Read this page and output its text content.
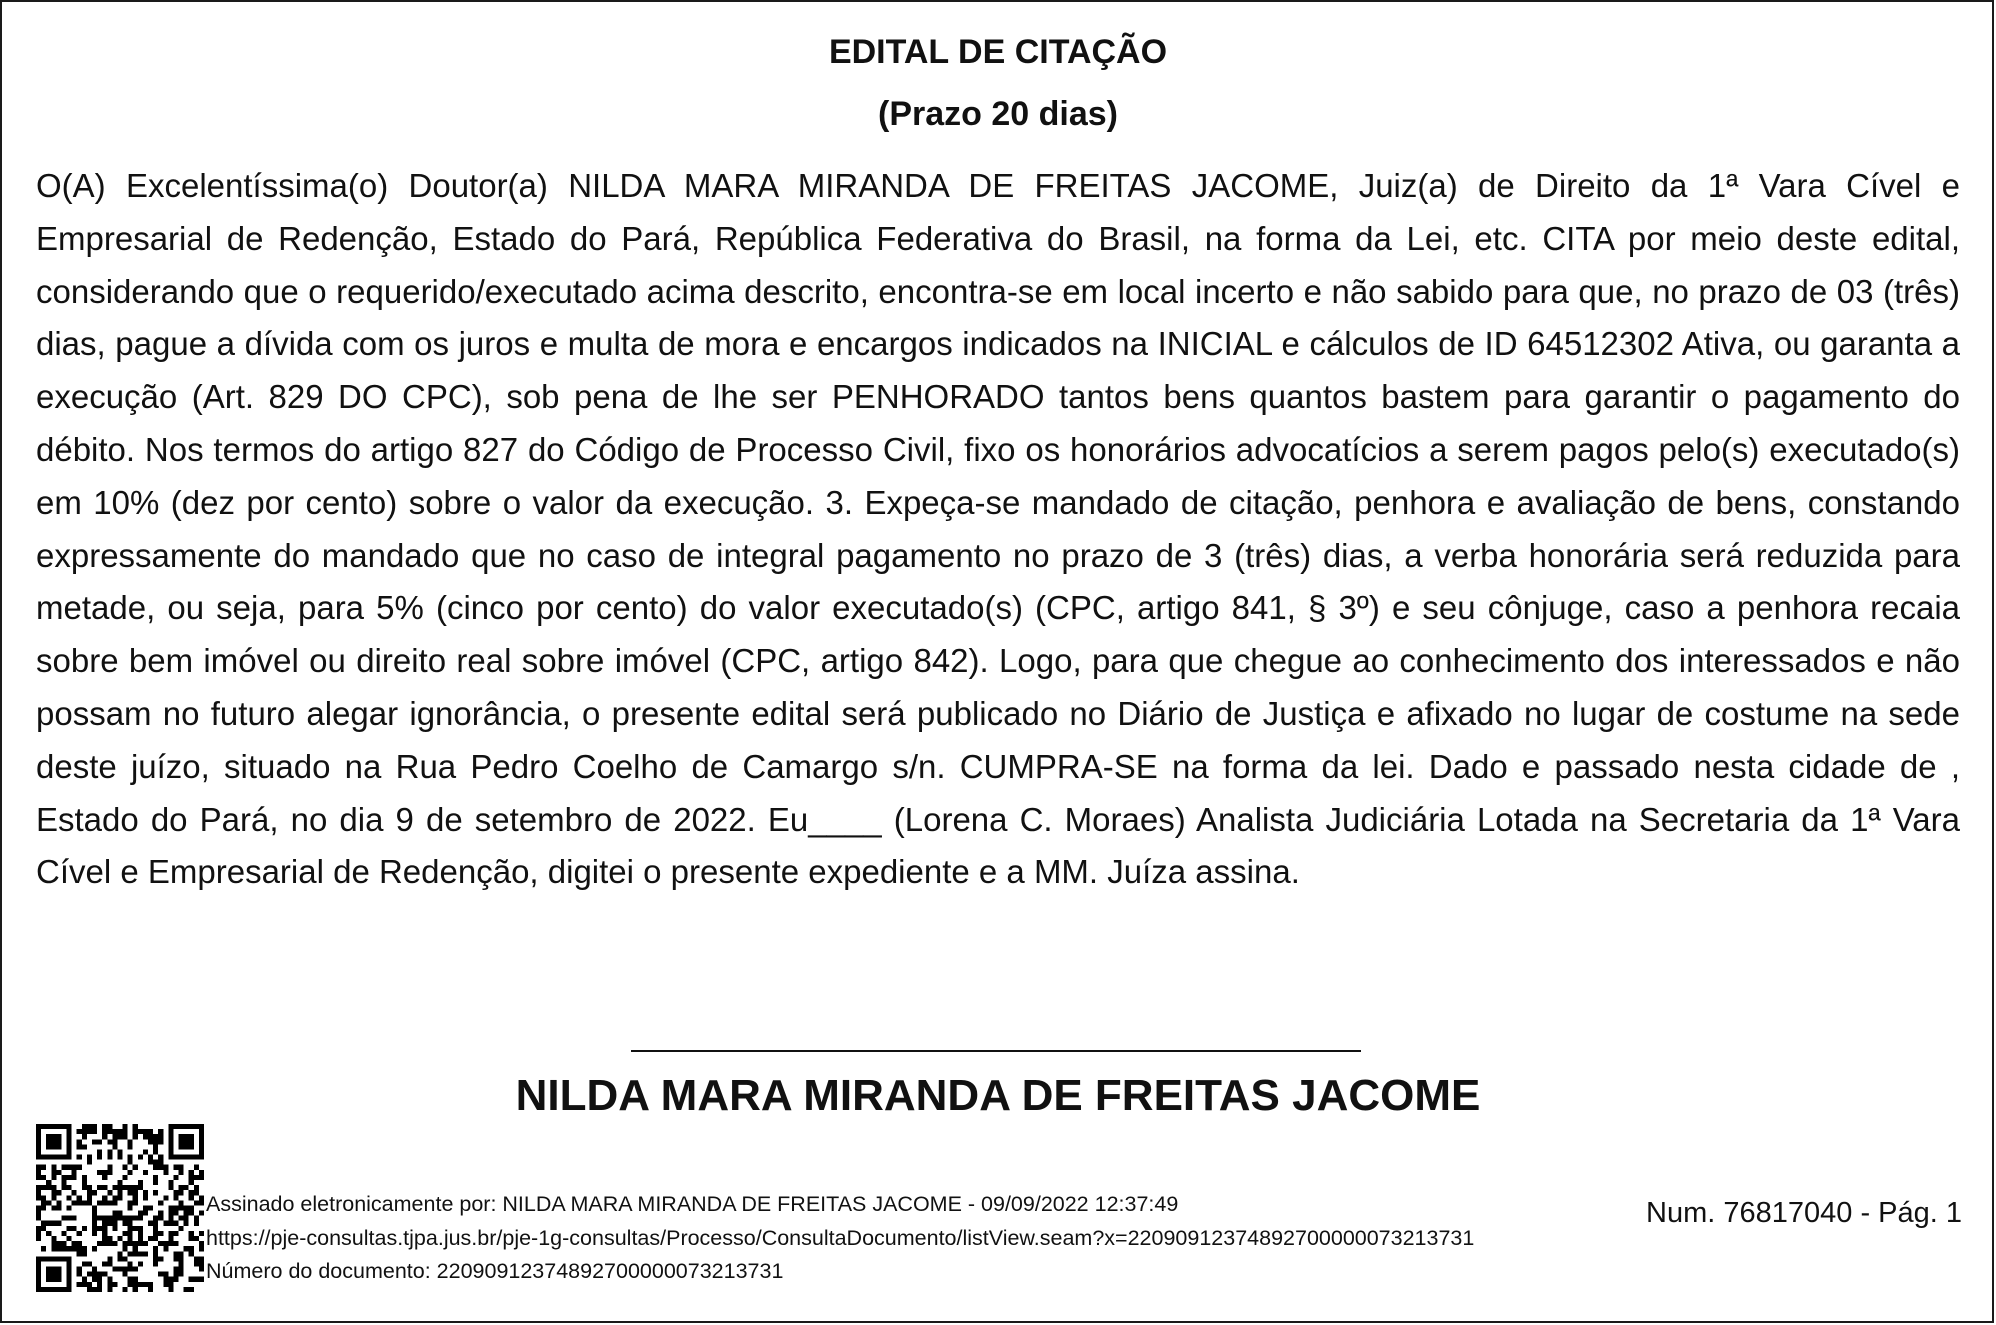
EDITAL DE CITAÇÃO
(Prazo 20 dias)

O(A) Excelentíssima(o) Doutor(a) NILDA MARA MIRANDA DE FREITAS JACOME, Juiz(a) de Direito da 1ª Vara Cível e Empresarial de Redenção, Estado do Pará, República Federativa do Brasil, na forma da Lei, etc. CITA por meio deste edital, considerando que o requerido/executado acima descrito, encontra-se em local incerto e não sabido para que, no prazo de 03 (três) dias, pague a dívida com os juros e multa de mora e encargos indicados na INICIAL e cálculos de ID 64512302 Ativa, ou garanta a execução (Art. 829 DO CPC), sob pena de lhe ser PENHORADO tantos bens quantos bastem para garantir o pagamento do débito. Nos termos do artigo 827 do Código de Processo Civil, fixo os honorários advocatícios a serem pagos pelo(s) executado(s) em 10% (dez por cento) sobre o valor da execução. 3. Expeça-se mandado de citação, penhora e avaliação de bens, constando expressamente do mandado que no caso de integral pagamento no prazo de 3 (três) dias, a verba honorária será reduzida para metade, ou seja, para 5% (cinco por cento) do valor executado(s) (CPC, artigo 841, § 3º) e seu cônjuge, caso a penhora recaia sobre bem imóvel ou direito real sobre imóvel (CPC, artigo 842). Logo, para que chegue ao conhecimento dos interessados e não possam no futuro alegar ignorância, o presente edital será publicado no Diário de Justiça e afixado no lugar de costume na sede deste juízo, situado na Rua Pedro Coelho de Camargo s/n. CUMPRA-SE na forma da lei. Dado e passado nesta cidade de , Estado do Pará, no dia 9 de setembro de 2022. Eu____ (Lorena C. Moraes) Analista Judiciária Lotada na Secretaria da 1ª Vara Cível e Empresarial de Redenção, digitei o presente expediente e a MM. Juíza assina.

NILDA MARA MIRANDA DE FREITAS JACOME
Assinado eletronicamente por: NILDA MARA MIRANDA DE FREITAS JACOME - 09/09/2022 12:37:49
https://pje-consultas.tjpa.jus.br/pje-1g-consultas/Processo/ConsultaDocumento/listView.seam?x=22090912374892700000073213731
Número do documento: 22090912374892700000073213731
Num. 76817040 - Pág. 1
